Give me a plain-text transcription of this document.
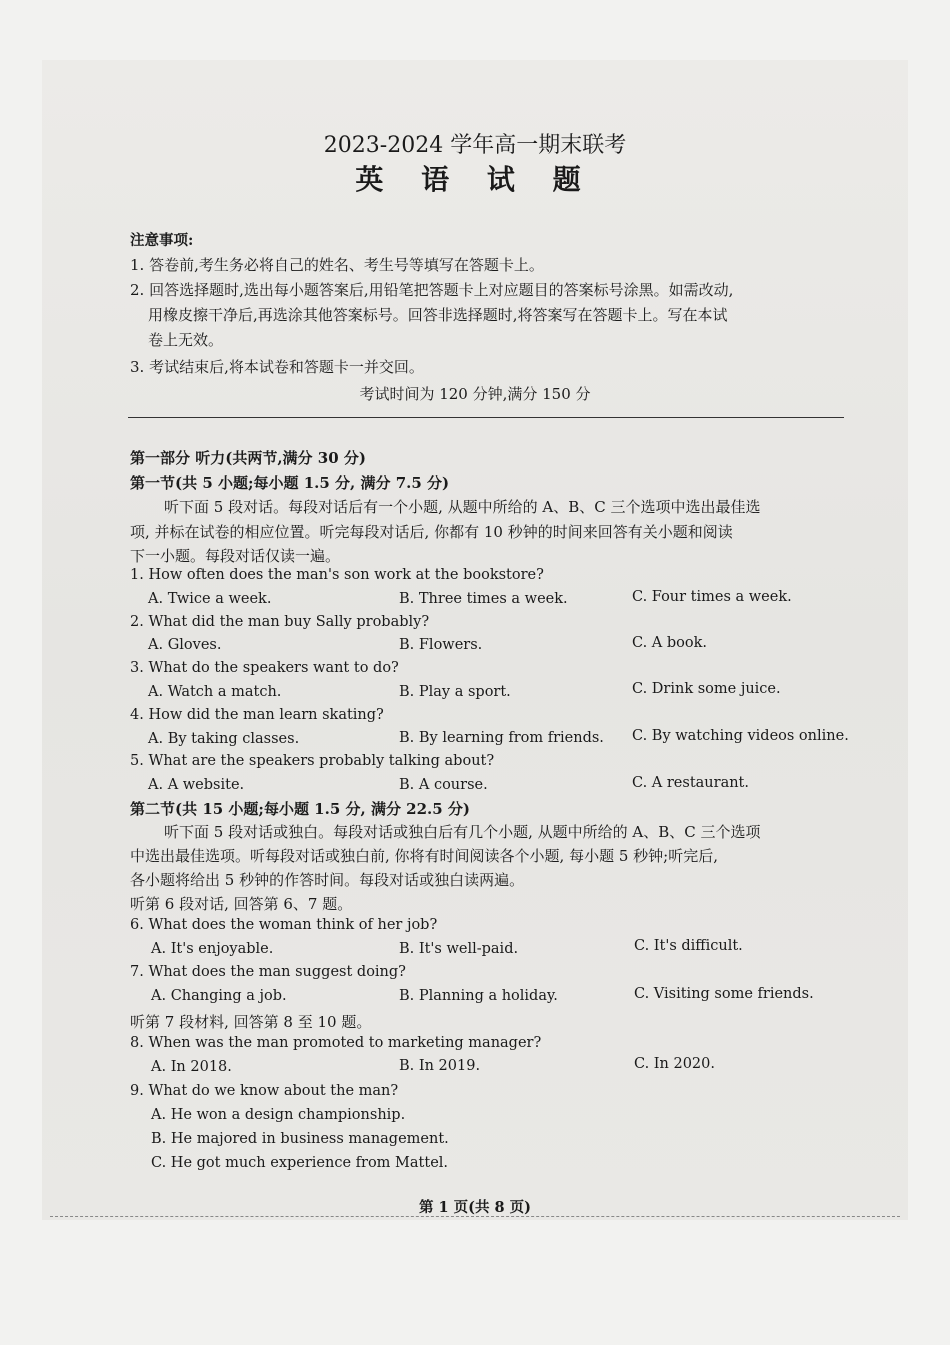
2023-2024 学年高一期末联考
英 语 试 题
注意事项:
1. 答卷前,考生务必将自己的姓名、考生号等填写在答题卡上。
2. 回答选择题时,选出每小题答案后,用铅笔把答题卡上对应题目的答案标号涂黑。如需改动,
用橡皮擦干净后,再选涂其他答案标号。回答非选择题时,将答案写在答题卡上。写在本试
卷上无效。
3. 考试结束后,将本试卷和答题卡一并交回。
考试时间为 120 分钟,满分 150 分
第一部分 听力(共两节,满分 30 分)
第一节(共 5 小题;每小题 1.5 分, 满分 7.5 分)
听下面 5 段对话。每段对话后有一个小题, 从题中所给的 A、B、C 三个选项中选出最佳选
项, 并标在试卷的相应位置。听完每段对话后, 你都有 10 秒钟的时间来回答有关小题和阅读
下一小题。每段对话仅读一遍。
1. How often does the man's son work at the bookstore?
A. Twice a week.	B. Three times a week.	C. Four times a week.
2. What did the man buy Sally probably?
A. Gloves.	B. Flowers.	C. A book.
3. What do the speakers want to do?
A. Watch a match.	B. Play a sport.	C. Drink some juice.
4. How did the man learn skating?
A. By taking classes.	B. By learning from friends. C. By watching videos online.
5. What are the speakers probably talking about?
A. A website.	B. A course.	C. A restaurant.
第二节(共 15 小题;每小题 1.5 分, 满分 22.5 分)
听下面 5 段对话或独白。每段对话或独白后有几个小题, 从题中所给的 A、B、C 三个选项
中选出最佳选项。听每段对话或独白前, 你将有时间阅读各个小题, 每小题 5 秒钟;听完后,
各小题将给出 5 秒钟的作答时间。每段对话或独白读两遍。
听第 6 段对话, 回答第 6、7 题。
6. What does the woman think of her job?
A. It's enjoyable.	B. It's well-paid.	C. It's difficult.
7. What does the man suggest doing?
A. Changing a job.	B. Planning a holiday.	C. Visiting some friends.
听第 7 段材料, 回答第 8 至 10 题。
8. When was the man promoted to marketing manager?
A. In 2018.	B. In 2019.	C. In 2020.
9. What do we know about the man?
A. He won a design championship.
B. He majored in business management.
C. He got much experience from Mattel.
第 1 页(共 8 页)
